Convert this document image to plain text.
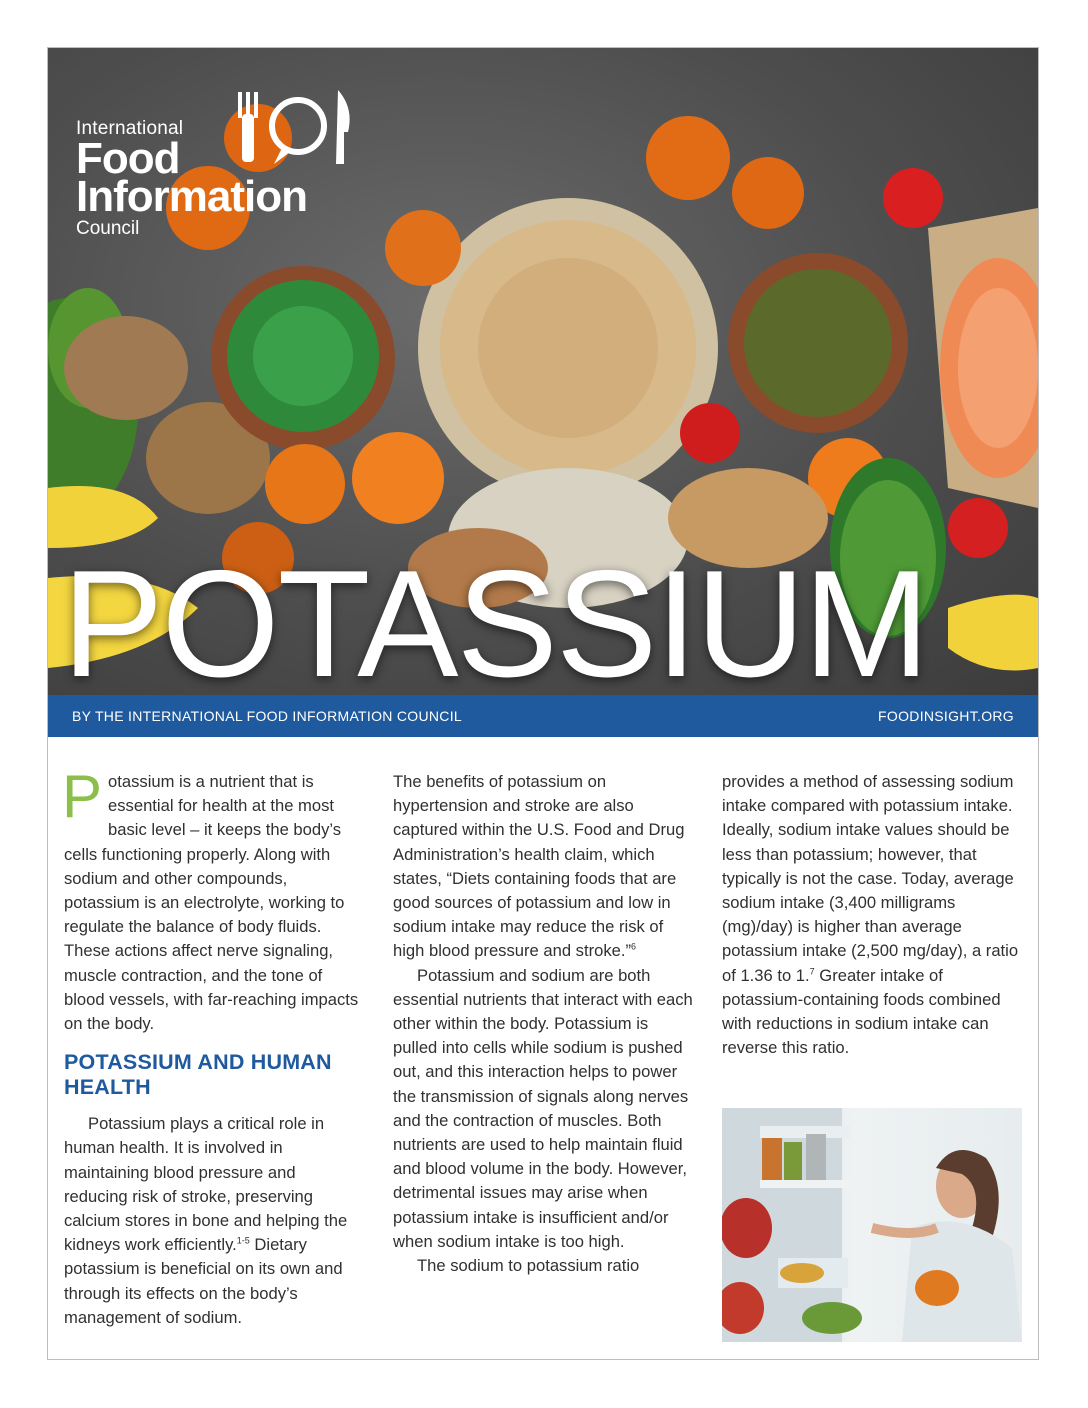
International
Food
Information
Council
POTASSIUM
BY THE INTERNATIONAL FOOD INFORMATION COUNCIL	FOODINSIGHT.ORG

Potassium is a nutrient that is essential for health at the most basic level – it keeps the body’s cells functioning properly. Along with sodium and other compounds, potassium is an electrolyte, working to regulate the balance of body fluids. These actions affect nerve signaling, muscle contraction, and the tone of blood vessels, with far-reaching impacts on the body.

POTASSIUM AND HUMAN HEALTH

Potassium plays a critical role in human health. It is involved in maintaining blood pressure and reducing risk of stroke, preserving calcium stores in bone and helping the kidneys work efficiently.$^{1-5}$ Dietary potassium is beneficial on its own and through its effects on the body’s management of sodium.

The benefits of potassium on hypertension and stroke are also captured within the U.S. Food and Drug Administration’s health claim, which states, “Diets containing foods that are good sources of potassium and low in sodium intake may reduce the risk of high blood pressure and stroke.”$^6$

Potassium and sodium are both essential nutrients that interact with each other within the body. Potassium is pulled into cells while sodium is pushed out, and this interaction helps to power the transmission of signals along nerves and the contraction of muscles. Both nutrients are used to help maintain fluid and blood volume in the body. However, detrimental issues may arise when potassium intake is insufficient and/or when sodium intake is too high.

The sodium to potassium ratio

provides a method of assessing sodium intake compared with potassium intake. Ideally, sodium intake values should be less than potassium; however, that typically is not the case. Today, average sodium intake (3,400 milligrams (mg)/day) is higher than average potassium intake (2,500 mg/day), a ratio of 1.36 to 1.$^7$ Greater intake of potassium-containing foods combined with reductions in sodium intake can reverse this ratio.
